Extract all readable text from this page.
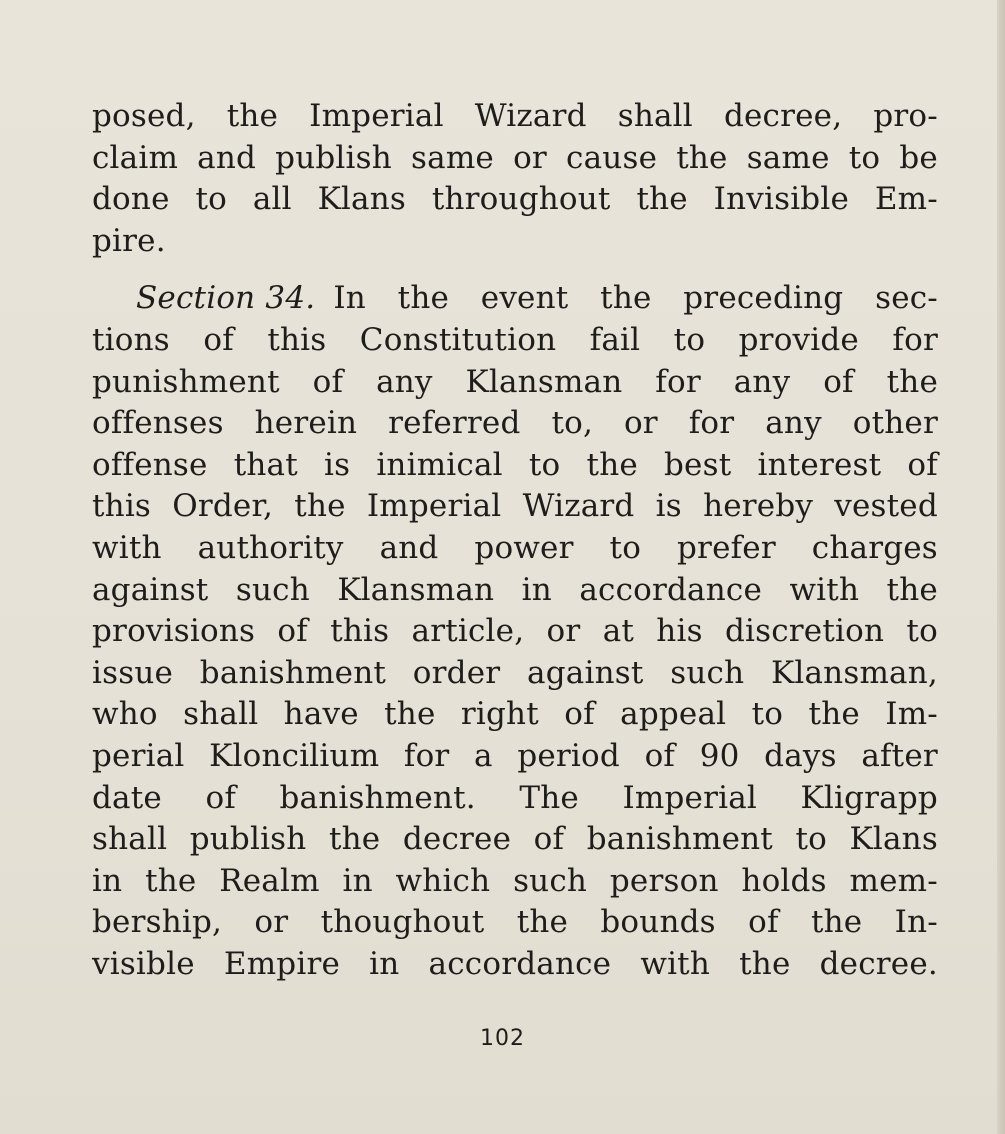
posed, the Imperial Wizard shall decree, pro-
claim and publish same or cause the same to be
done to all Klans throughout the Invisible Em-
pire.
Section 34. In the event the preceding sec-
tions of this Constitution fail to provide for
punishment of any Klansman for any of the
offenses herein referred to, or for any other
offense that is inimical to the best interest of
this Order, the Imperial Wizard is hereby vested
with authority and power to prefer charges
against such Klansman in accordance with the
provisions of this article, or at his discretion to
issue banishment order against such Klansman,
who shall have the right of appeal to the Im-
perial Kloncilium for a period of 90 days after
date of banishment. The Imperial Kligrapp
shall publish the decree of banishment to Klans
in the Realm in which such person holds mem-
bership, or thoughout the bounds of the In-
visible Empire in accordance with the decree.
102
